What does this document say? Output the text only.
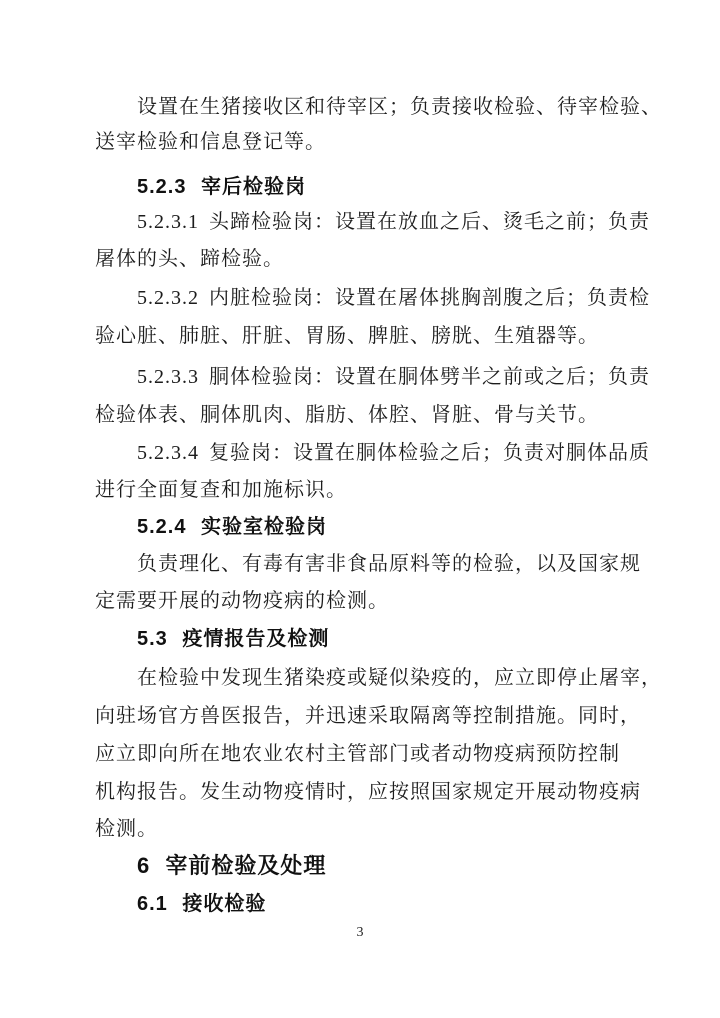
设置在生猪接收区和待宰区；负责接收检验、待宰检验、
送宰检验和信息登记等。
5.2.3 宰后检验岗
5.2.3.1 头蹄检验岗：设置在放血之后、烫毛之前；负责
屠体的头、蹄检验。
5.2.3.2 内脏检验岗：设置在屠体挑胸剖腹之后；负责检
验心脏、肺脏、肝脏、胃肠、脾脏、膀胱、生殖器等。
5.2.3.3 胴体检验岗：设置在胴体劈半之前或之后；负责
检验体表、胴体肌肉、脂肪、体腔、肾脏、骨与关节。
5.2.3.4 复验岗：设置在胴体检验之后；负责对胴体品质
进行全面复查和加施标识。
5.2.4 实验室检验岗
负责理化、有毒有害非食品原料等的检验，以及国家规
定需要开展的动物疫病的检测。
5.3 疫情报告及检测
在检验中发现生猪染疫或疑似染疫的，应立即停止屠宰，
向驻场官方兽医报告，并迅速采取隔离等控制措施。同时，
应立即向所在地农业农村主管部门或者动物疫病预防控制
机构报告。发生动物疫情时，应按照国家规定开展动物疫病
检测。
6 宰前检验及处理
6.1 接收检验
3
